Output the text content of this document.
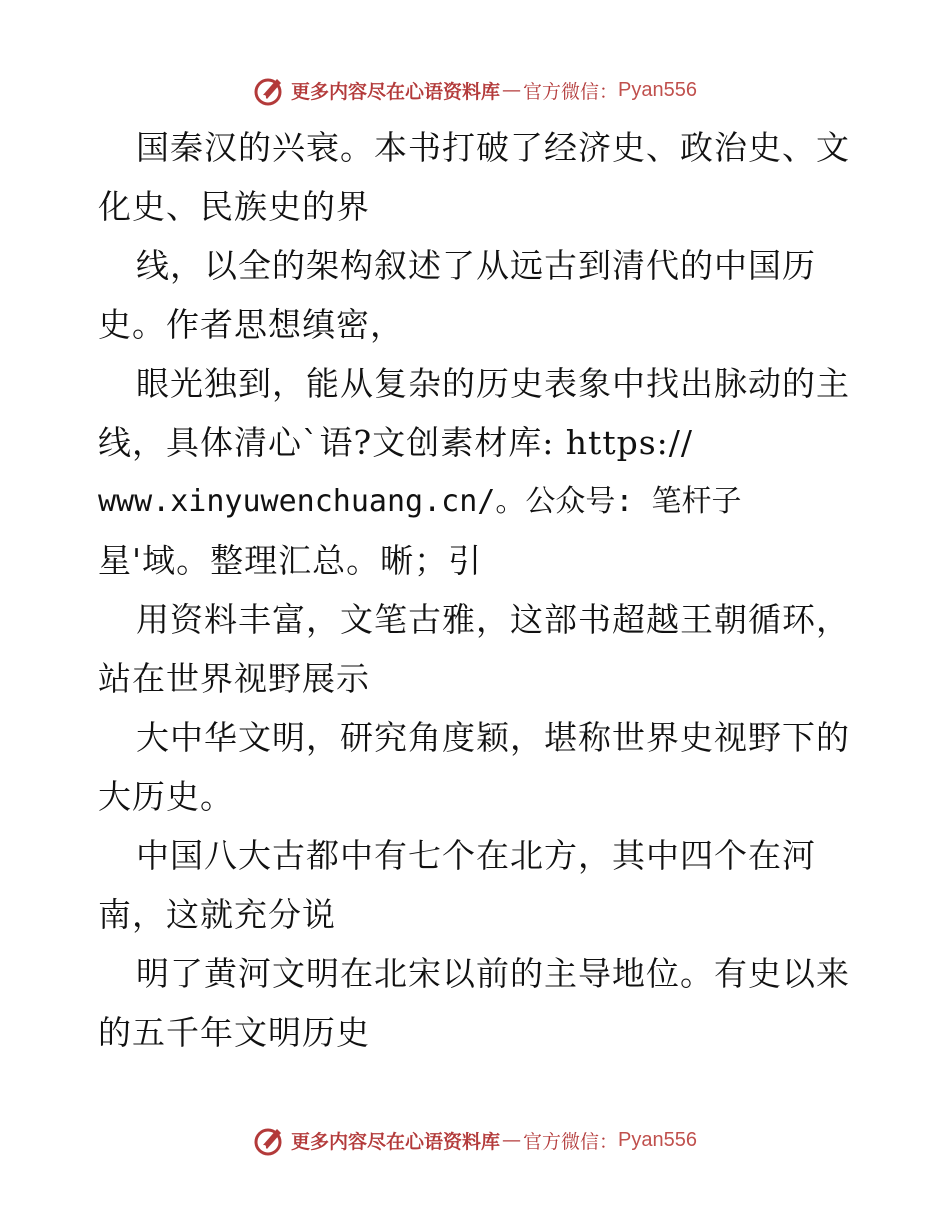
更多内容尽在心语资料库 — 官方微信： Pyan556
国秦汉的兴衰。本书打破了经济史、政治史、文
化史、民族史的界
线，以全的架构叙述了从远古到清代的中国历
史。作者思想缜密，
眼光独到，能从复杂的历史表象中找出脉动的主
线，具体清心`语?文创素材库: https://
www.xinyuwenchuang.cn/。公众号: 笔杆子
星'域。整理汇总。晰；引
用资料丰富，文笔古雅，这部书超越王朝循环，
站在世界视野展示
大中华文明，研究角度颖，堪称世界史视野下的
大历史。
中国八大古都中有七个在北方，其中四个在河
南，这就充分说
明了黄河文明在北宋以前的主导地位。有史以来
的五千年文明历史
更多内容尽在心语资料库 — 官方微信： Pyan556
